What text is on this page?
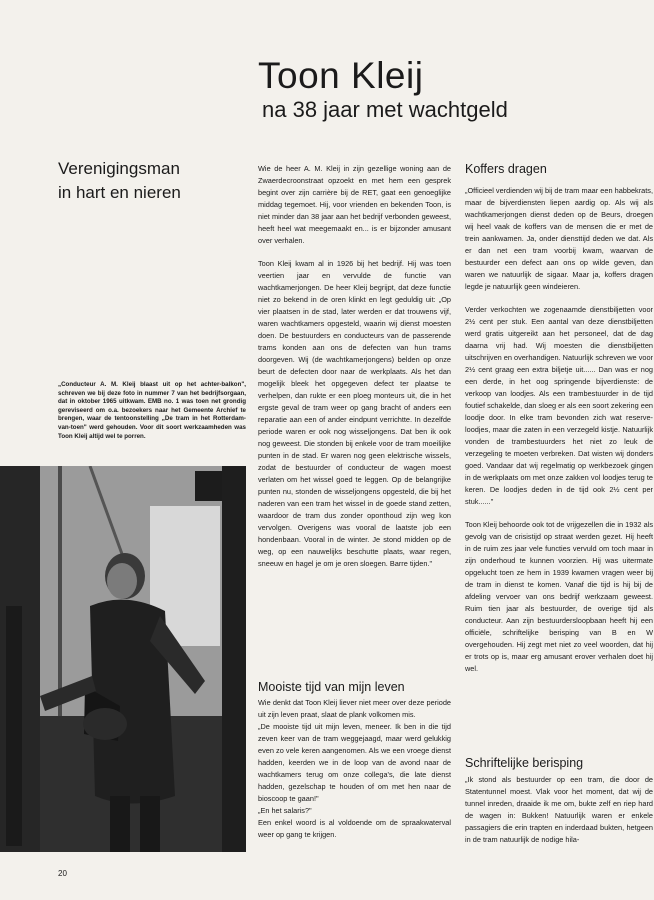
Toon Kleij
na 38 jaar met wachtgeld
Verenigingsman
in hart en nieren

„Conducteur A. M. Kleij blaast uit op het achter-balkon", schreven we bij deze foto in nummer 7 van het bedrijfsorgaan, dat in oktober 1965 uitkwam. EMB no. 1 was toen net grondig gereviseerd om o.a. bezoekers naar het Gemeente Archief te brengen, waar de tentoonstelling „De tram in het Rotterdam-van-toen" werd gehouden. Voor dit soort werkzaamheden was Toon Kleij altijd wel te porren.

Wie de heer A. M. Kleij in zijn gezellige woning aan de Zwaerdecroonstraat opzoekt en met hem een gesprek begint over zijn carrière bij de RET, gaat een genoeglijke middag tegemoet. Hij, voor vrienden en bekenden Toon, is niet minder dan 38 jaar aan het bedrijf verbonden geweest, heeft heel wat meegemaakt en... is er bijzonder amusant over verhalen.

Toon Kleij kwam al in 1926 bij het bedrijf. Hij was toen veertien jaar en vervulde de functie van wachtkamerjongen. De heer Kleij begrijpt, dat deze functie niet zo bekend in de oren klinkt en legt geduldig uit: „Op vier plaatsen in de stad, later werden er dat trouwens vijf, waren wachtkamers opgesteld, waarin wij dienst moesten doen. De bestuurders en conducteurs van de passerende trams konden aan ons de defecten van hun trams doorgeven. Wij (de wachtkamerjongens) belden op onze beurt de defecten door naar de werkplaats. Als het dan mogelijk bleek het opgegeven defect ter plaatse te verhelpen, dan rukte er een ploeg monteurs uit, die in het ergste geval de tram weer op gang bracht of anders een reparatie aan een of ander eindpunt verrichtte. In dezelfde periode waren er ook nog wisseljongens. Dat ben ik ook nog geweest. Die stonden bij enkele voor de tram moeilijke punten in de stad. Er waren nog geen elektrische wissels, zodat de bestuurder of conducteur de wagen moest verlaten om het wissel goed te leggen. Op de belangrijke punten nu, stonden de wisseljongens opgesteld, die bij het naderen van een tram het wissel in de goede stand zetten, waardoor de tram dus zonder oponthoud zijn weg kon vervolgen. Overigens was vooral de laatste job een hondenbaan. Vooral in de winter. Je stond midden op de weg, op een nauwelijks beschutte plaats, waar regen, sneeuw en hagel je om je oren sloegen. Barre tijden."

Mooiste tijd van mijn leven

Wie denkt dat Toon Kleij liever niet meer over deze periode uit zijn leven praat, slaat de plank volkomen mis.

„De mooiste tijd uit mijn leven, meneer. Ik ben in die tijd zeven keer van de tram weggejaagd, maar werd gelukkig even zo vele keren aangenomen. Als we een vroege dienst hadden, keerden we in de loop van de avond naar de wachtkamers terug om onze collega's, die late dienst hadden, gezelschap te houden of om met hen naar de bioscoop te gaan!"

„En het salaris?"

Een enkel woord is al voldoende om de spraakwaterval weer op gang te krijgen.

Koffers dragen

„Officieel verdienden wij bij de tram maar een habbekrats, maar de bijverdiensten liepen aardig op. Als wij als wachtkamerjongen dienst deden op de Beurs, droegen wij heel vaak de koffers van de mensen die er met de trein aankwamen. Ja, onder diensttijd deden we dat. Als er dan net een tram voorbij kwam, waarvan de bestuurder een defect aan ons op wilde geven, dan waren we natuurlijk de sigaar. Maar ja, koffers dragen legde je natuurlijk geen windeieren.

Verder verkochten we zogenaamde dienstbiljetten voor 2½ cent per stuk. Een aantal van deze dienstbiljetten werd gratis uitgereikt aan het personeel, dat de dag daarna vrij had. Wij moesten die dienstbiljetten uitschrijven en overhandigen. Natuurlijk schreven we voor 2½ cent graag een extra biljetje uit...... Dan was er nog een derde, in het oog springende bijverdienste: de verkoop van loodjes. Als een trambestuurder in de tijd foutief schakelde, dan sloeg er als een soort zekering een loodje door. In elke tram bevonden zich wat reserve-loodjes, maar die zaten in een verzegeld kistje. Natuurlijk vonden de trambestuurders het niet zo leuk de verzegeling te moeten verbreken. Dat wisten wij donders goed. Vandaar dat wij regelmatig op werkbezoek gingen in de werkplaats om met onze zakken vol loodjes terug te keren. De loodjes deden in de tijd ook 2½ cent per stuk......"

Toon Kleij behoorde ook tot de vrijgezellen die in 1932 als gevolg van de crisistijd op straat werden gezet. Hij heeft in de ruim zes jaar vele functies vervuld om toch maar in zijn onderhoud te kunnen voorzien. Hij was uitermate opgelucht toen ze hem in 1939 kwamen vragen weer bij de tram in dienst te komen. Vanaf die tijd is hij bij de afdeling vervoer van ons bedrijf werkzaam geweest. Ruim tien jaar als bestuurder, de overige tijd als conducteur. Aan zijn bestuurdersloopbaan heeft hij een officiële, schriftelijke berisping van B en W overgehouden. Hij zegt met niet zo veel woorden, dat hij er trots op is, maar erg amusant erover verhalen doet hij wel.

Schriftelijke berisping

„Ik stond als bestuurder op een tram, die door de Statentunnel moest. Vlak voor het moment, dat wij de tunnel inreden, draaide ik me om, bukte zelf en riep hard de wagen in: Bukken! Natuurlijk waren er enkele passagiers die erin trapten en inderdaad bukten, hetgeen in de tram natuurlijk de nodige hila-

20
